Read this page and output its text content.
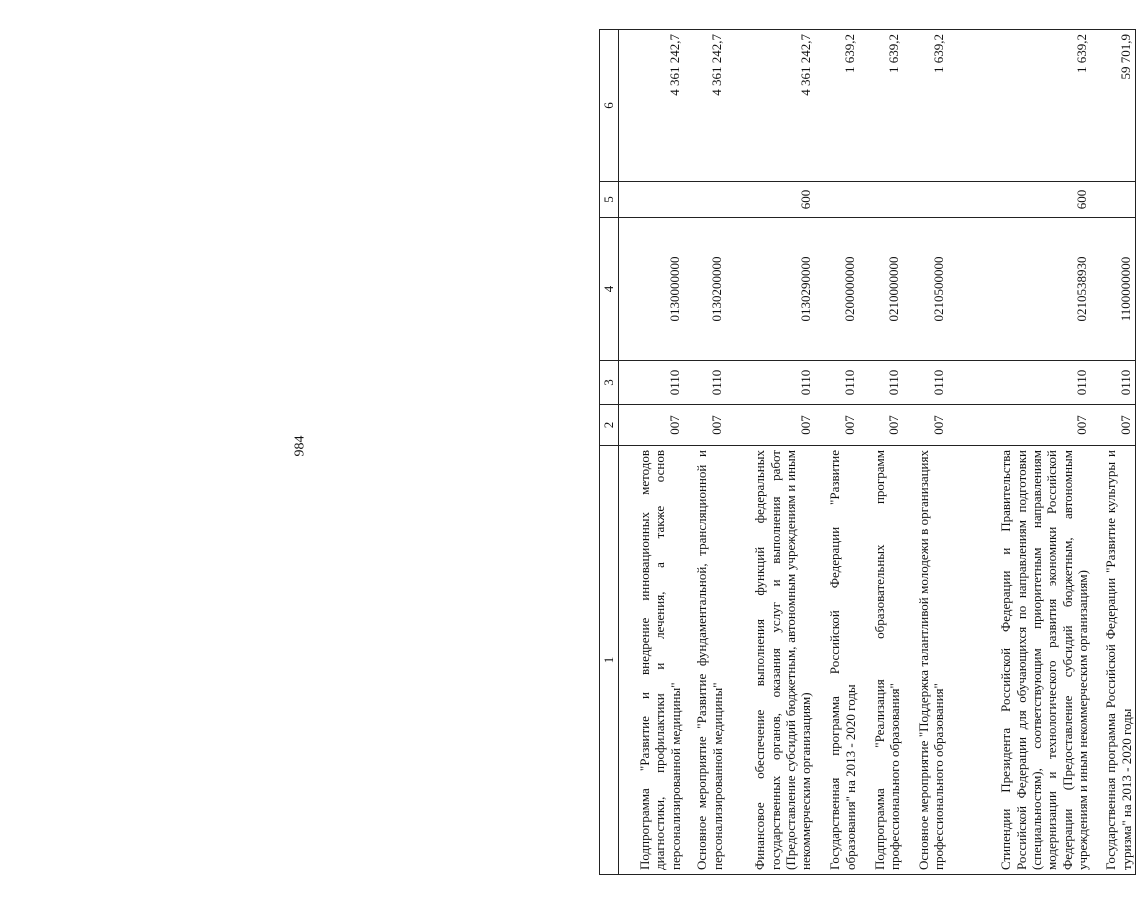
984
1	2	3	4	5	6
Подпрограмма "Развитие и внедрение инновационных методов диагностики, профилактики и лечения, а также основ персонализированной медицины"	007	0110	0130000000		4 361 242,7
Основное мероприятие "Развитие фундаментальной, трансляционной и персонализированной медицины"	007	0110	0130200000		4 361 242,7
Финансовое обеспечение выполнения функций федеральных государственных органов, оказания услуг и выполнения работ (Предоставление субсидий бюджетным, автономным учреждениям и иным некоммерческим организациям)	007	0110	0130290000	600	4 361 242,7
Государственная программа Российской Федерации "Развитие образования" на 2013 - 2020 годы	007	0110	0200000000		1 639,2
Подпрограмма "Реализация образовательных программ профессионального образования"	007	0110	0210000000		1 639,2
Основное мероприятие "Поддержка талантливой молодежи в организациях профессионального образования"	007	0110	0210500000		1 639,2
Стипендии Президента Российской Федерации и Правительства Российской Федерации для обучающихся по направлениям подготовки (специальностям), соответствующим приоритетным направлениям модернизации и технологического развития экономики Российской Федерации (Предоставление субсидий бюджетным, автономным учреждениям и иным некоммерческим организациям)	007	0110	0210538930	600	1 639,2
Государственная программа Российской Федерации "Развитие культуры и туризма" на 2013 - 2020 годы	007	0110	1100000000		59 701,9
